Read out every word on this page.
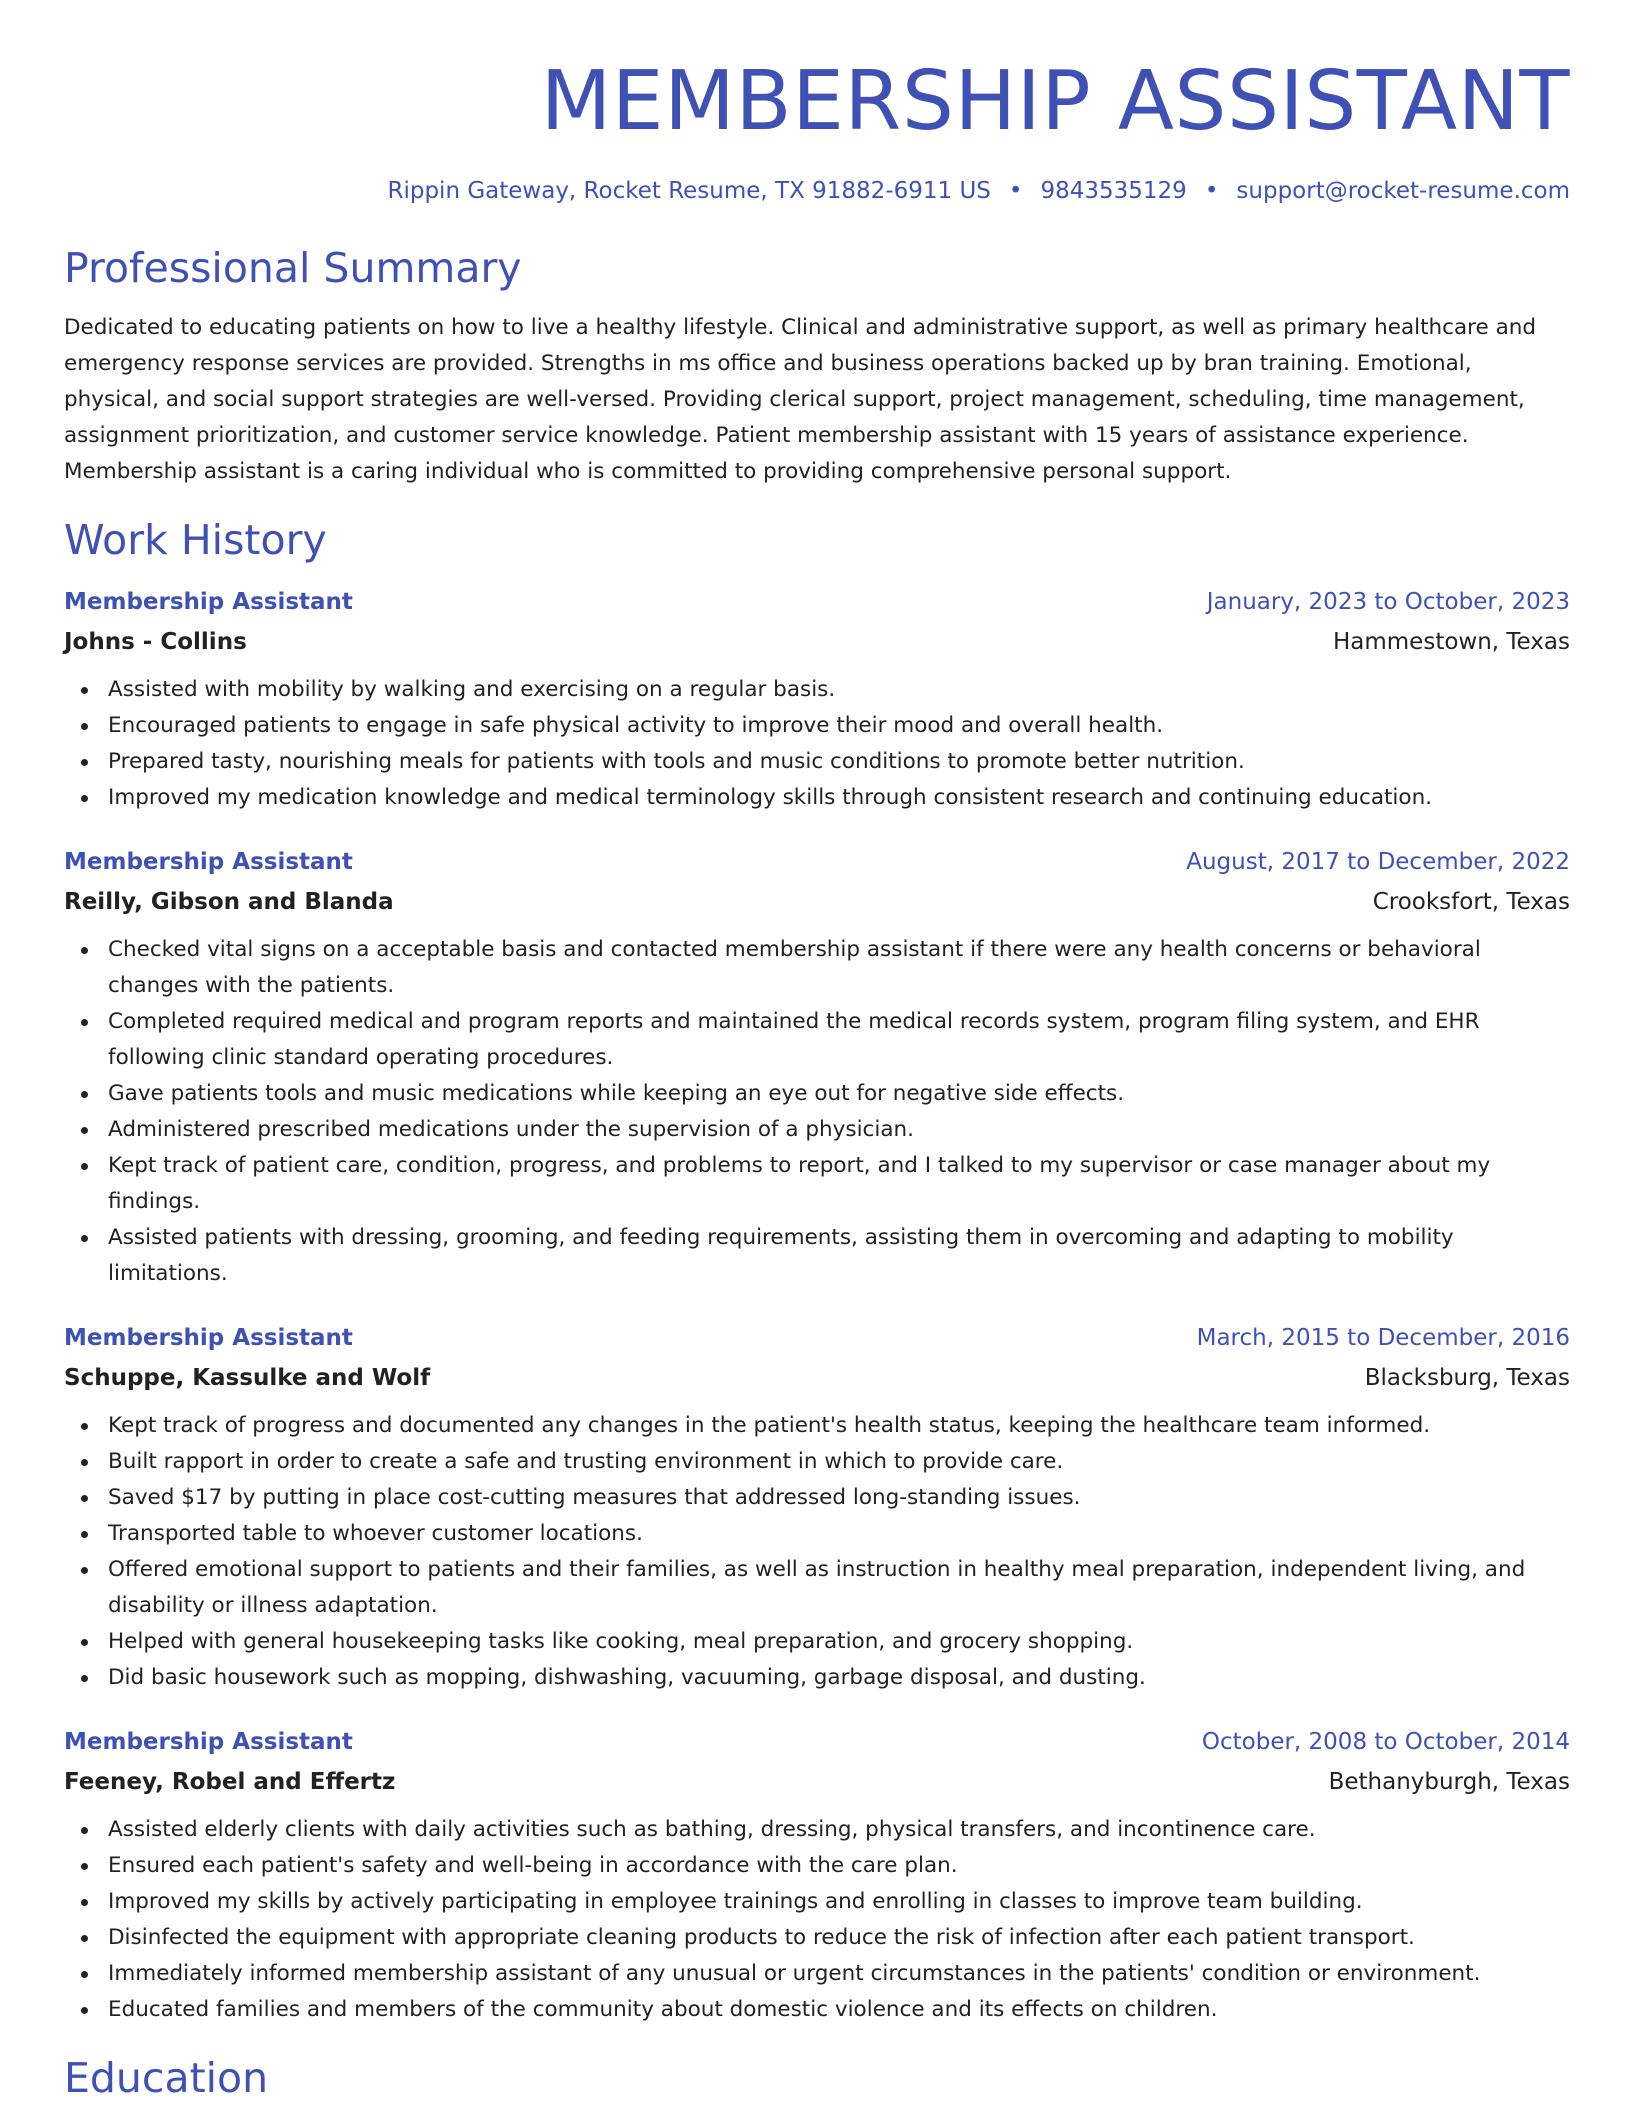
MEMBERSHIP ASSISTANT
Rippin Gateway, Rocket Resume, TX 91882-6911 US • 9843535129 • support@rocket-resume.com
Professional Summary

Dedicated to educating patients on how to live a healthy lifestyle. Clinical and administrative support, as well as primary healthcare and emergency response services are provided. Strengths in ms office and business operations backed up by bran training. Emotional, physical, and social support strategies are well-versed. Providing clerical support, project management, scheduling, time management, assignment prioritization, and customer service knowledge. Patient membership assistant with 15 years of assistance experience. Membership assistant is a caring individual who is committed to providing comprehensive personal support.

Work History
Membership Assistant	January, 2023 to October, 2023
Johns - Collins	Hammestown, Texas
Assisted with mobility by walking and exercising on a regular basis.
Encouraged patients to engage in safe physical activity to improve their mood and overall health.
Prepared tasty, nourishing meals for patients with tools and music conditions to promote better nutrition.
Improved my medication knowledge and medical terminology skills through consistent research and continuing education.
Membership Assistant	August, 2017 to December, 2022
Reilly, Gibson and Blanda	Crooksfort, Texas
Checked vital signs on a acceptable basis and contacted membership assistant if there were any health concerns or behavioral changes with the patients.
Completed required medical and program reports and maintained the medical records system, program filing system, and EHR following clinic standard operating procedures.
Gave patients tools and music medications while keeping an eye out for negative side effects.
Administered prescribed medications under the supervision of a physician.
Kept track of patient care, condition, progress, and problems to report, and I talked to my supervisor or case manager about my findings.
Assisted patients with dressing, grooming, and feeding requirements, assisting them in overcoming and adapting to mobility limitations.
Membership Assistant	March, 2015 to December, 2016
Schuppe, Kassulke and Wolf	Blacksburg, Texas
Kept track of progress and documented any changes in the patient's health status, keeping the healthcare team informed.
Built rapport in order to create a safe and trusting environment in which to provide care.
Saved $17 by putting in place cost-cutting measures that addressed long-standing issues.
Transported table to whoever customer locations.
Offered emotional support to patients and their families, as well as instruction in healthy meal preparation, independent living, and disability or illness adaptation.
Helped with general housekeeping tasks like cooking, meal preparation, and grocery shopping.
Did basic housework such as mopping, dishwashing, vacuuming, garbage disposal, and dusting.
Membership Assistant	October, 2008 to October, 2014
Feeney, Robel and Effertz	Bethanyburgh, Texas
Assisted elderly clients with daily activities such as bathing, dressing, physical transfers, and incontinence care.
Ensured each patient's safety and well-being in accordance with the care plan.
Improved my skills by actively participating in employee trainings and enrolling in classes to improve team building.
Disinfected the equipment with appropriate cleaning products to reduce the risk of infection after each patient transport.
Immediately informed membership assistant of any unusual or urgent circumstances in the patients' condition or environment.
Educated families and members of the community about domestic violence and its effects on children.
Education
